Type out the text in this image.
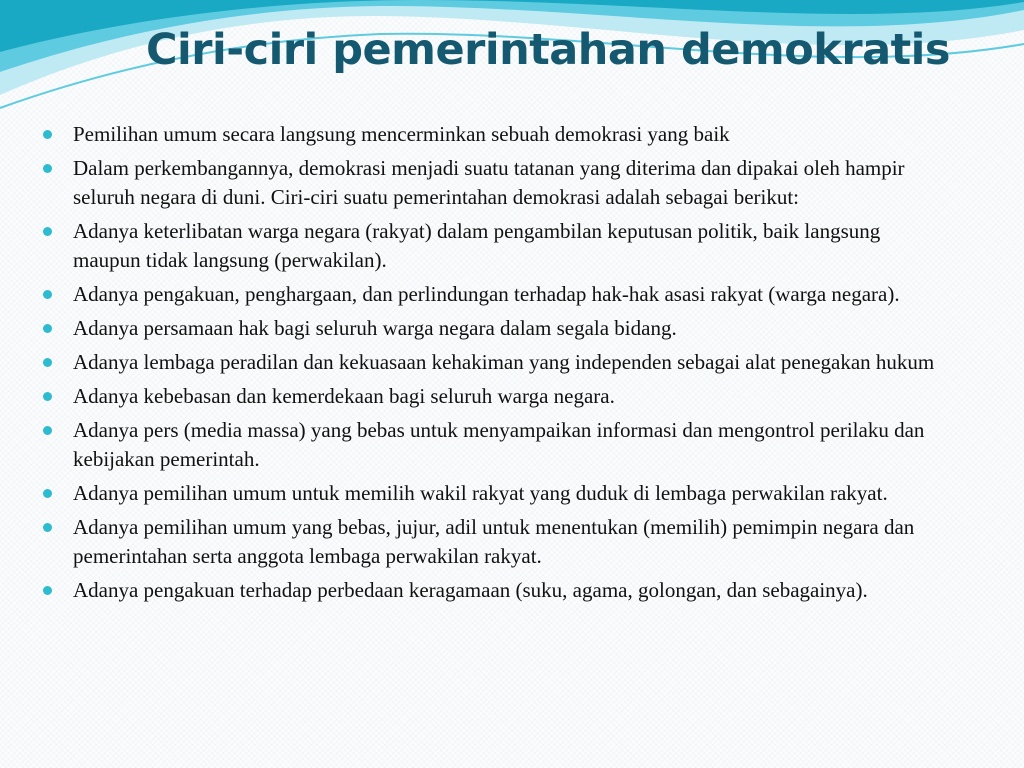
Ciri-ciri pemerintahan demokratis
Pemilihan umum secara langsung mencerminkan sebuah demokrasi yang baik
Dalam perkembangannya, demokrasi menjadi suatu tatanan yang diterima dan dipakai oleh hampir seluruh negara di duni. Ciri-ciri suatu pemerintahan demokrasi adalah sebagai berikut:
Adanya keterlibatan warga negara (rakyat) dalam pengambilan keputusan politik, baik langsung maupun tidak langsung (perwakilan).
Adanya pengakuan, penghargaan, dan perlindungan terhadap hak-hak asasi rakyat (warga negara).
Adanya persamaan hak bagi seluruh warga negara dalam segala bidang.
Adanya lembaga peradilan dan kekuasaan kehakiman yang independen sebagai alat penegakan hukum
Adanya kebebasan dan kemerdekaan bagi seluruh warga negara.
Adanya pers (media massa) yang bebas untuk menyampaikan informasi dan mengontrol perilaku dan kebijakan pemerintah.
Adanya pemilihan umum untuk memilih wakil rakyat yang duduk di lembaga perwakilan rakyat.
Adanya pemilihan umum yang bebas, jujur, adil untuk menentukan (memilih) pemimpin negara dan pemerintahan serta anggota lembaga perwakilan rakyat.
Adanya pengakuan terhadap perbedaan keragamaan (suku, agama, golongan, dan sebagainya).
